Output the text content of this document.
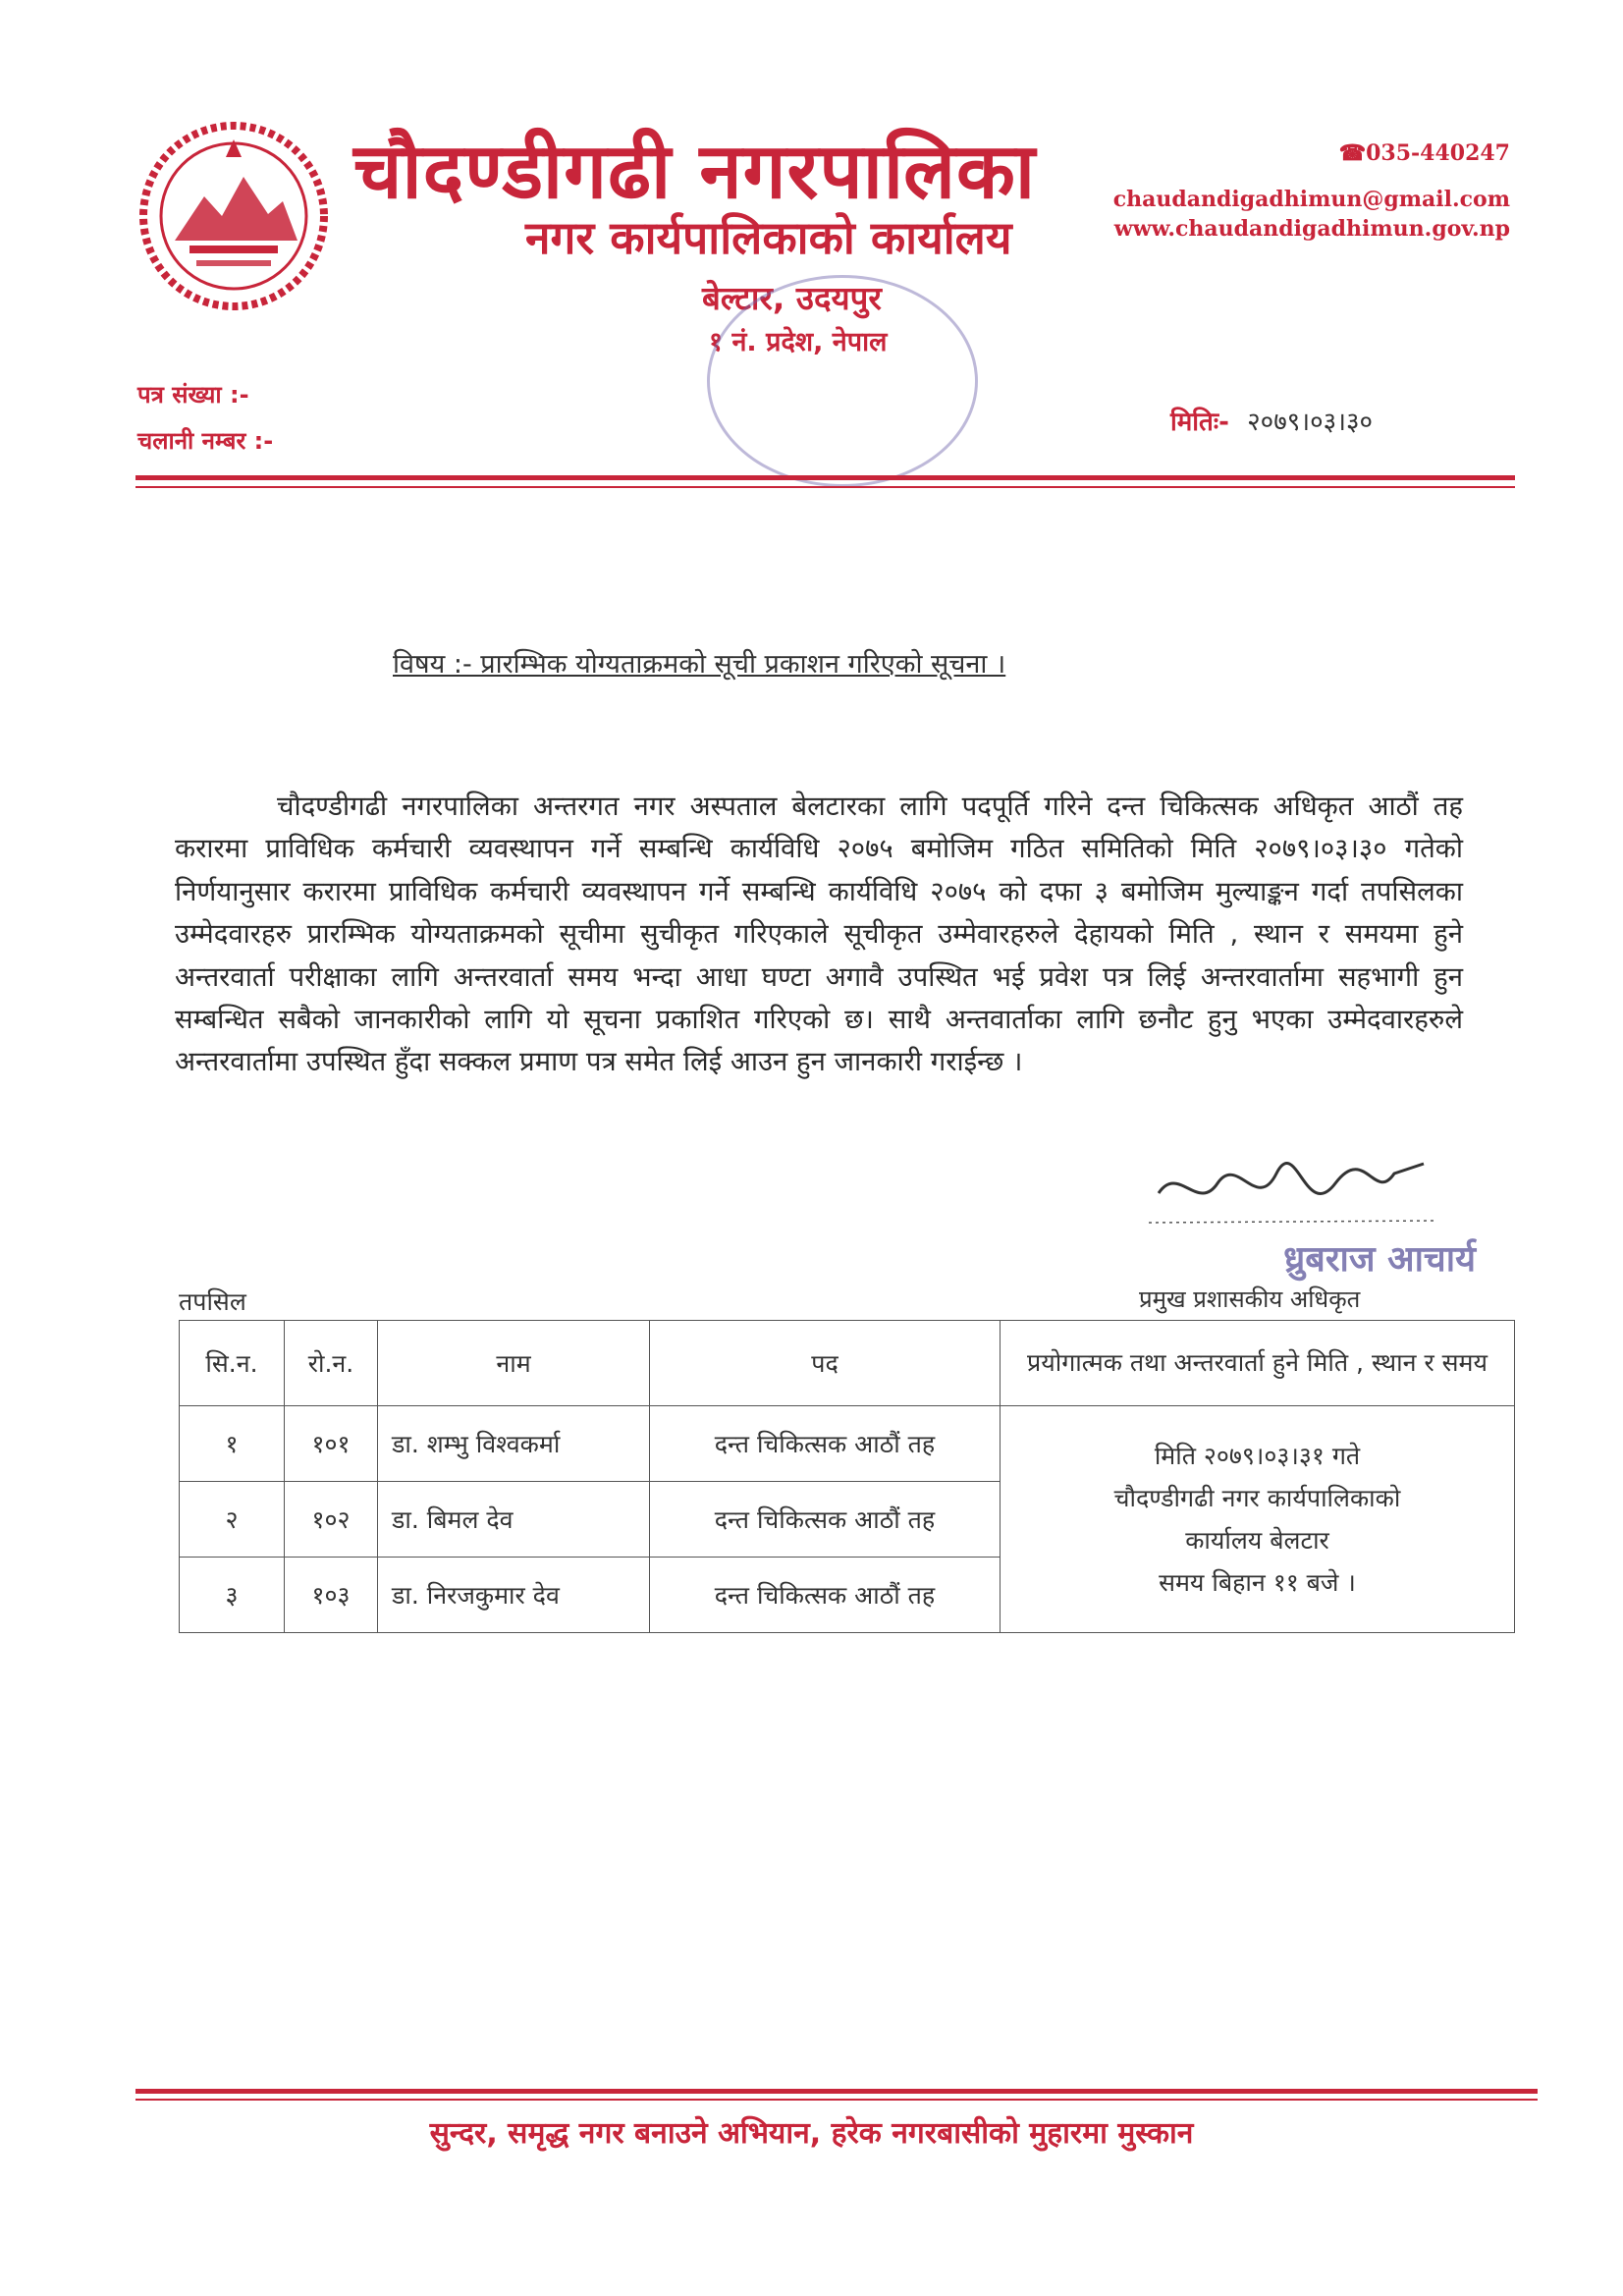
चौदण्डीगढी नगरपालिका
नगर कार्यपालिकाको कार्यालय
बेल्टार, उदयपुर
१ नं. प्रदेश, नेपाल
☎035-440247
chaudandigadhimun@gmail.com
www.chaudandigadhimun.gov.np
पत्र संख्या :-
चलानी नम्बर :-
मितिः- २०७९।०३।३०
विषय :- प्रारम्भिक योग्यताक्रमको सूची प्रकाशन गरिएको सूचना ।
चौदण्डीगढी नगरपालिका अन्तरगत नगर अस्पताल बेलटारका लागि पदपूर्ति गरिने दन्त चिकित्सक अधिकृत आठौं तह करारमा प्राविधिक कर्मचारी व्यवस्थापन गर्ने सम्बन्धि कार्यविधि २०७५ बमोजिम गठित समितिको मिति २०७९।०३।३० गतेको निर्णयानुसार करारमा प्राविधिक कर्मचारी व्यवस्थापन गर्ने सम्बन्धि कार्यविधि २०७५ को दफा ३ बमोजिम मुल्याङ्कन गर्दा तपसिलका उम्मेदवारहरु प्रारम्भिक योग्यताक्रमको सूचीमा सुचीकृत गरिएकाले सूचीकृत उम्मेवारहरुले देहायको मिति , स्थान र समयमा हुने अन्तरवार्ता परीक्षाका लागि अन्तरवार्ता समय भन्दा आधा घण्टा अगावै उपस्थित भई प्रवेश पत्र लिई अन्तरवार्तामा सहभागी हुन सम्बन्धित सबैको जानकारीको लागि यो सूचना प्रकाशित गरिएको छ। साथै अन्तवार्ताका लागि छनौट हुनु भएका उम्मेदवारहरुले अन्तरवार्तामा उपस्थित हुँदा सक्कल प्रमाण पत्र समेत लिई आउन हुन जानकारी गराईन्छ ।
ध्रुबराज आचार्य
प्रमुख प्रशासकीय अधिकृत
तपसिल
सि.न.	रो.न.	नाम	पद	प्रयोगात्मक तथा अन्तरवार्ता हुने मिति , स्थान र समय
१	१०१	डा. शम्भु विश्वकर्मा	दन्त चिकित्सक आठौं तह	मिति २०७९।०३।३१ गते
चौदण्डीगढी नगर कार्यपालिकाको
कार्यालय बेलटार
समय बिहान ११ बजे ।

२	१०२	डा. बिमल देव	दन्त चिकित्सक आठौं तह	
३	१०३	डा. निरजकुमार देव	दन्त चिकित्सक आठौं तह	
सुन्दर, समृद्ध नगर बनाउने अभियान, हरेक नगरबासीको मुहारमा मुस्कान
